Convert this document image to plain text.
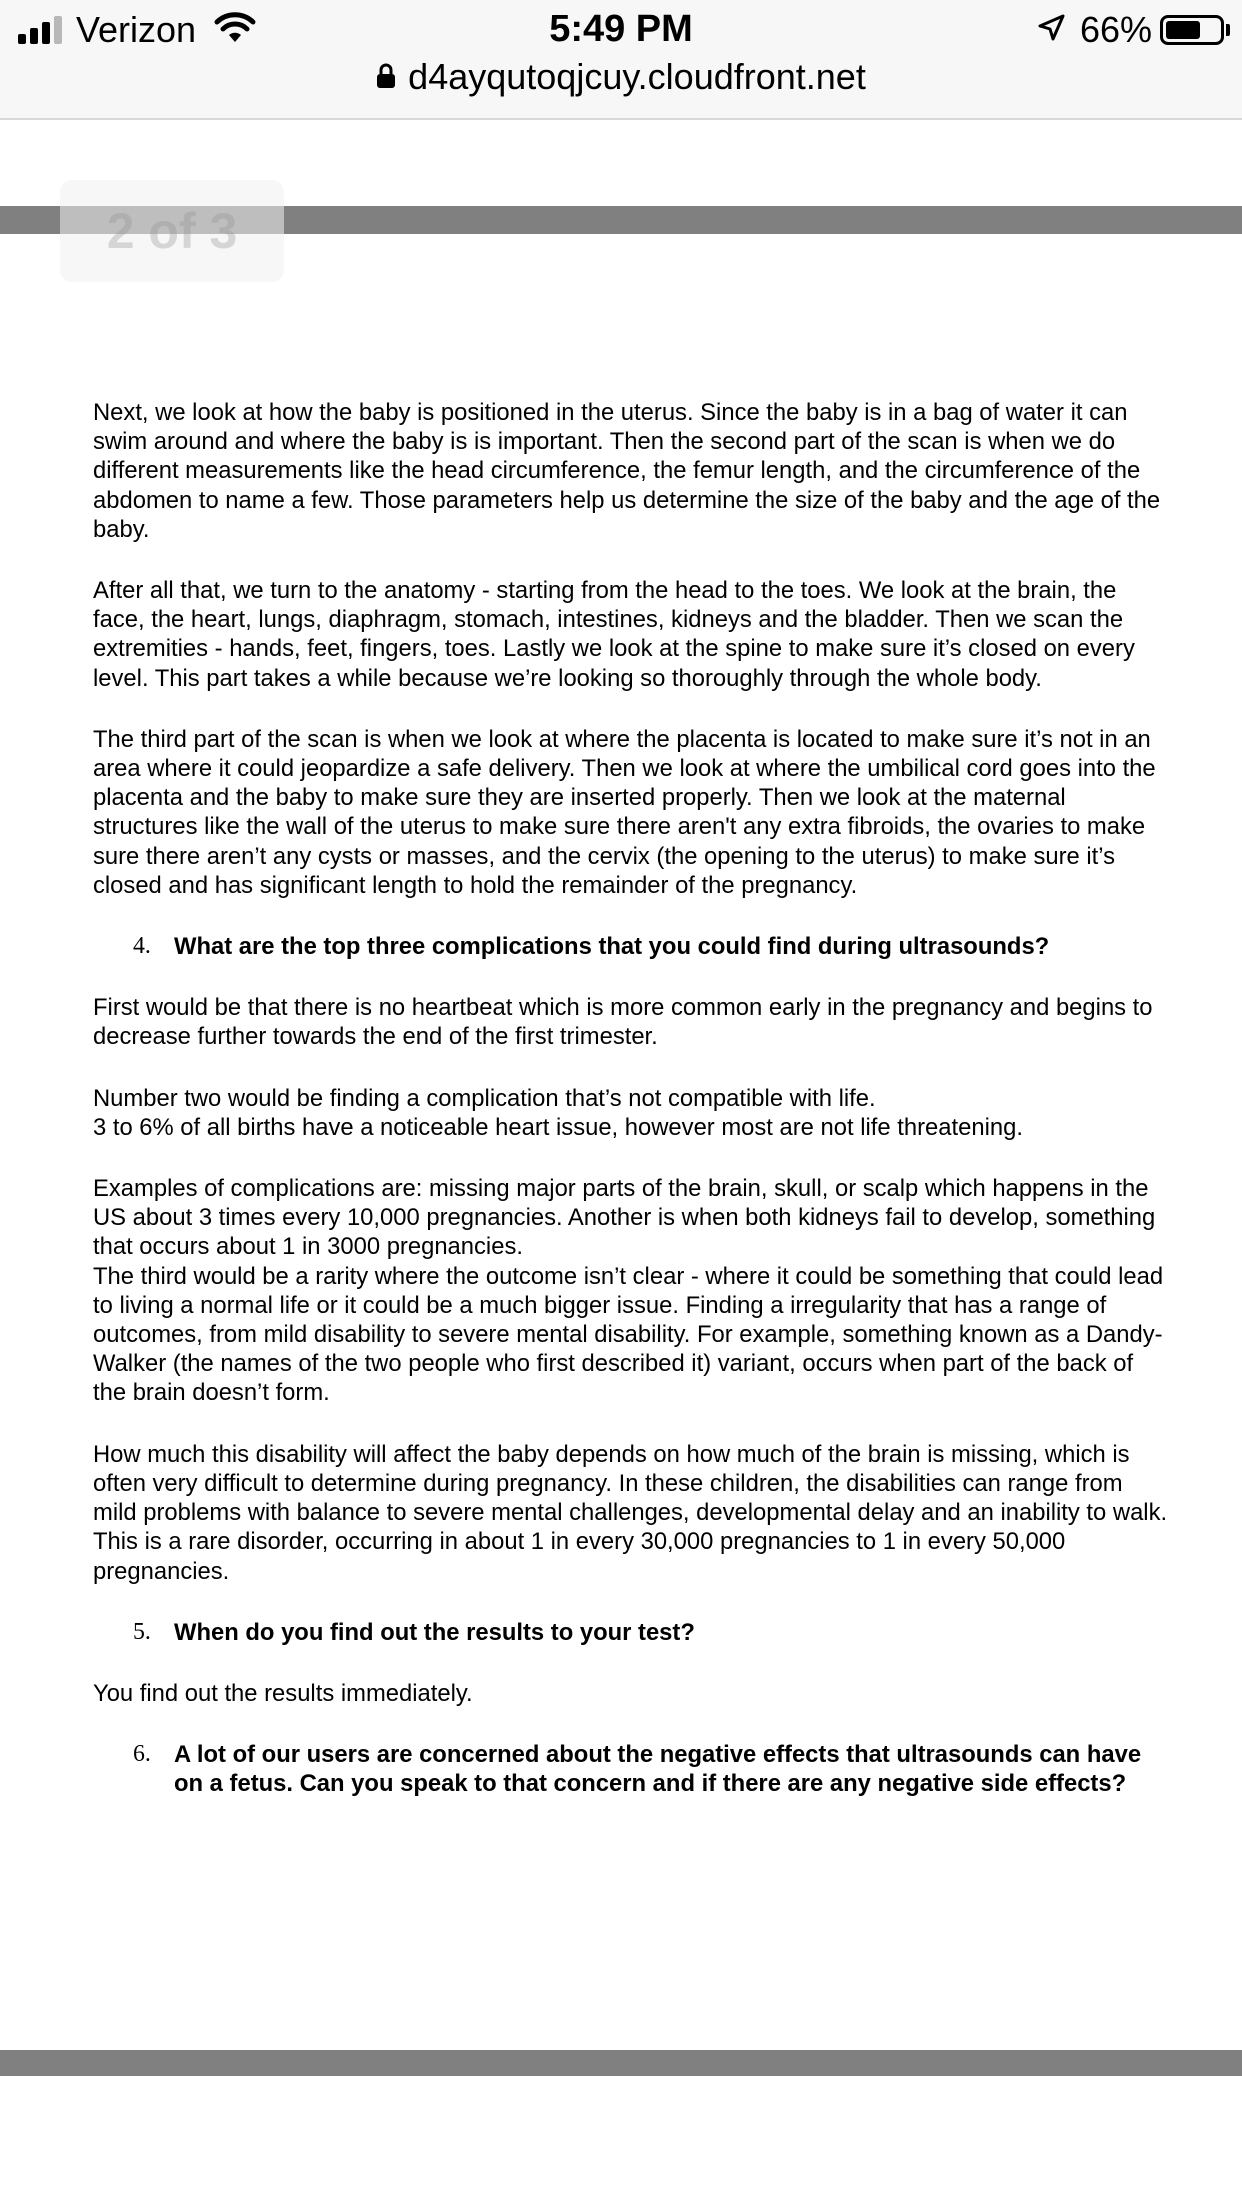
Verizon	5:49 PM	66%
d4ayqutoqjcuy.cloudfront.net
2 of 3

Next, we look at how the baby is positioned in the uterus. Since the baby is in a bag of water it can swim around and where the baby is is important. Then the second part of the scan is when we do different measurements like the head circumference, the femur length, and the circumference of the abdomen to name a few. Those parameters help us determine the size of the baby and the age of the baby.

After all that, we turn to the anatomy - starting from the head to the toes. We look at the brain, the face, the heart, lungs, diaphragm, stomach, intestines, kidneys and the bladder. Then we scan the extremities - hands, feet, fingers, toes. Lastly we look at the spine to make sure it’s closed on every level. This part takes a while because we’re looking so thoroughly through the whole body.

The third part of the scan is when we look at where the placenta is located to make sure it’s not in an area where it could jeopardize a safe delivery. Then we look at where the umbilical cord goes into the placenta and the baby to make sure they are inserted properly. Then we look at the maternal structures like the wall of the uterus to make sure there aren't any extra fibroids, the ovaries to make sure there aren’t any cysts or masses, and the cervix (the opening to the uterus) to make sure it’s closed and has significant length to hold the remainder of the pregnancy.

4. What are the top three complications that you could find during ultrasounds?

First would be that there is no heartbeat which is more common early in the pregnancy and begins to decrease further towards the end of the first trimester.

Number two would be finding a complication that’s not compatible with life.

3 to 6% of all births have a noticeable heart issue, however most are not life threatening.

Examples of complications are: missing major parts of the brain, skull, or scalp which happens in the US about 3 times every 10,000 pregnancies. Another is when both kidneys fail to develop, something that occurs about 1 in 3000 pregnancies.

The third would be a rarity where the outcome isn’t clear - where it could be something that could lead to living a normal life or it could be a much bigger issue. Finding a irregularity that has a range of outcomes, from mild disability to severe mental disability. For example, something known as a Dandy-Walker (the names of the two people who first described it) variant, occurs when part of the back of the brain doesn’t form.

How much this disability will affect the baby depends on how much of the brain is missing, which is often very difficult to determine during pregnancy. In these children, the disabilities can range from mild problems with balance to severe mental challenges, developmental delay and an inability to walk. This is a rare disorder, occurring in about 1 in every 30,000 pregnancies to 1 in every 50,000 pregnancies.

5. When do you find out the results to your test?

You find out the results immediately.

6. A lot of our users are concerned about the negative effects that ultrasounds can have on a fetus. Can you speak to that concern and if there are any negative side effects?
